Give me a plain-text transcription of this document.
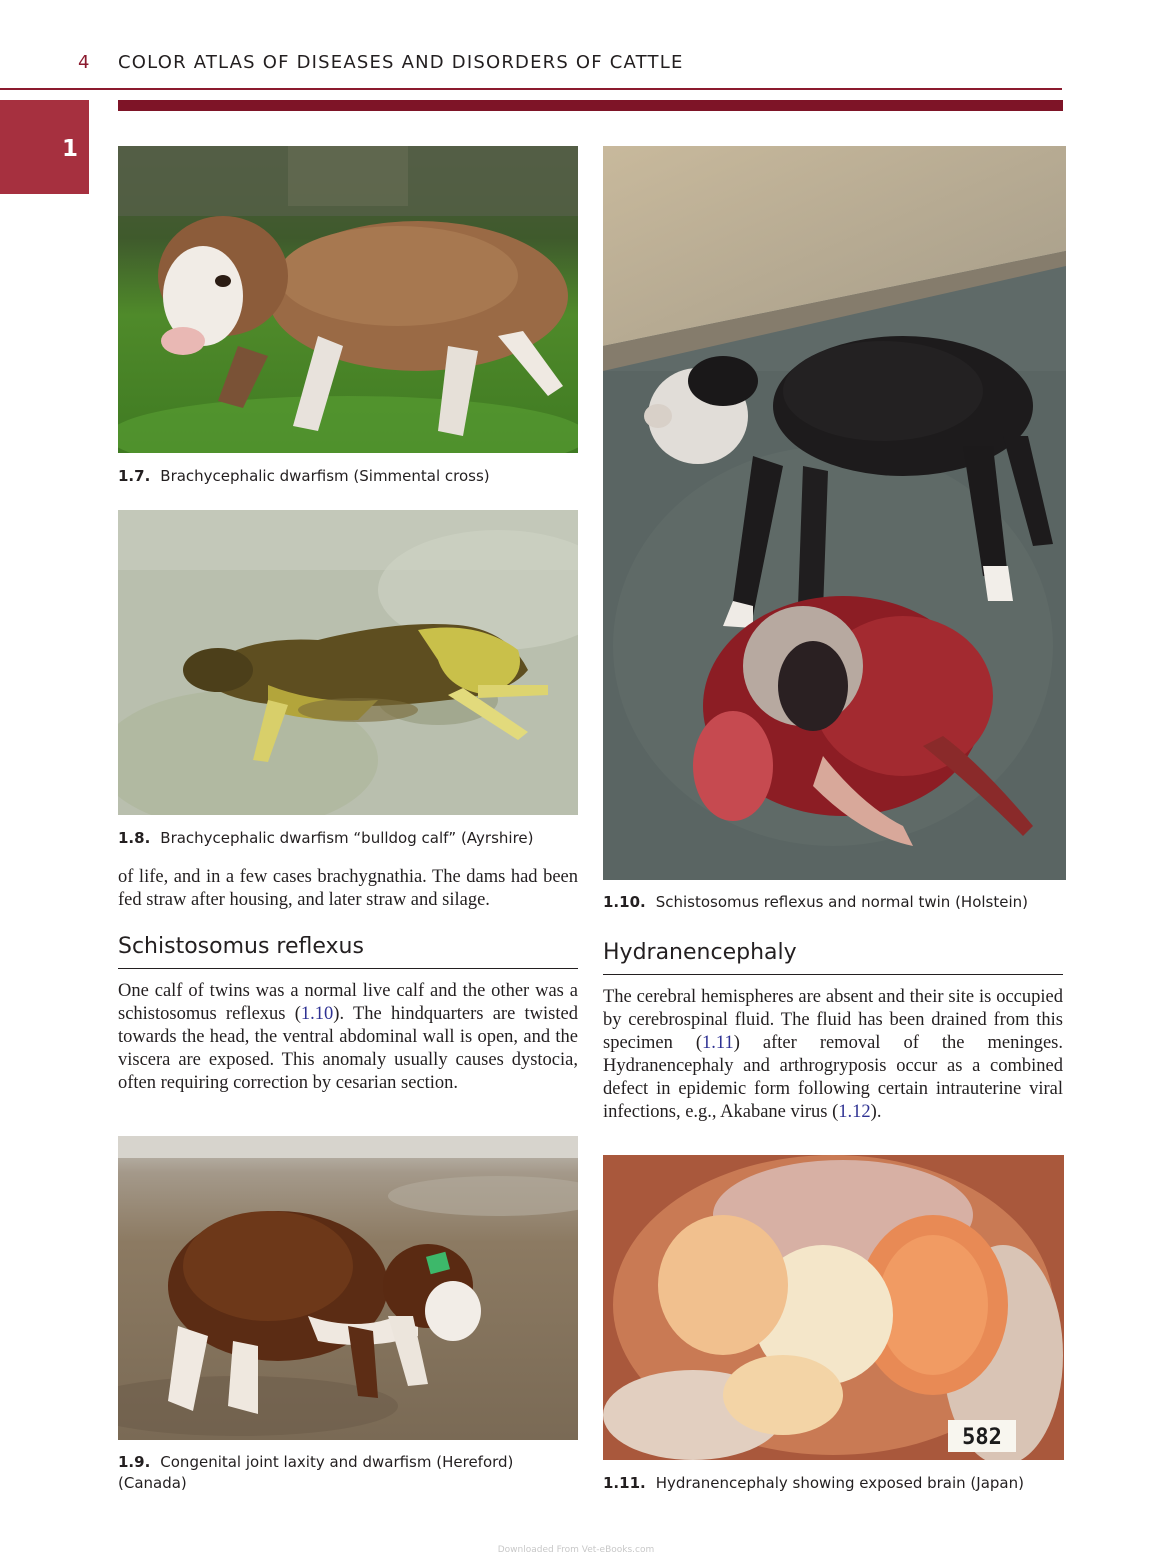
4	COLOR ATLAS OF DISEASES AND DISORDERS OF CATTLE
1
1.7. Brachycephalic dwarfism (Simmental cross)
1.8. Brachycephalic dwarfism “bulldog calf” (Ayrshire)
of life, and in a few cases brachygnathia. The dams had been fed straw after housing, and later straw and silage.
Schistosomus reflexus
One calf of twins was a normal live calf and the other was a schistosomus reflexus (1.10). The hindquarters are twisted towards the head, the ventral abdominal wall is open, and the viscera are exposed. This anomaly usually causes dystocia, often requiring correction by cesarian section.
1.9. Congenital joint laxity and dwarfism (Hereford) (Canada)
1.10. Schistosomus reflexus and normal twin (Holstein)
Hydranencephaly
The cerebral hemispheres are absent and their site is occupied by cerebrospinal fluid. The fluid has been drained from this specimen (1.11) after removal of the meninges. Hydranencephaly and arthrogryposis occur as a combined defect in epidemic form following certain intrauterine viral infections, e.g., Akabane virus (1.12).
582
1.11. Hydranencephaly showing exposed brain (Japan)
Downloaded From Vet-eBooks.com
